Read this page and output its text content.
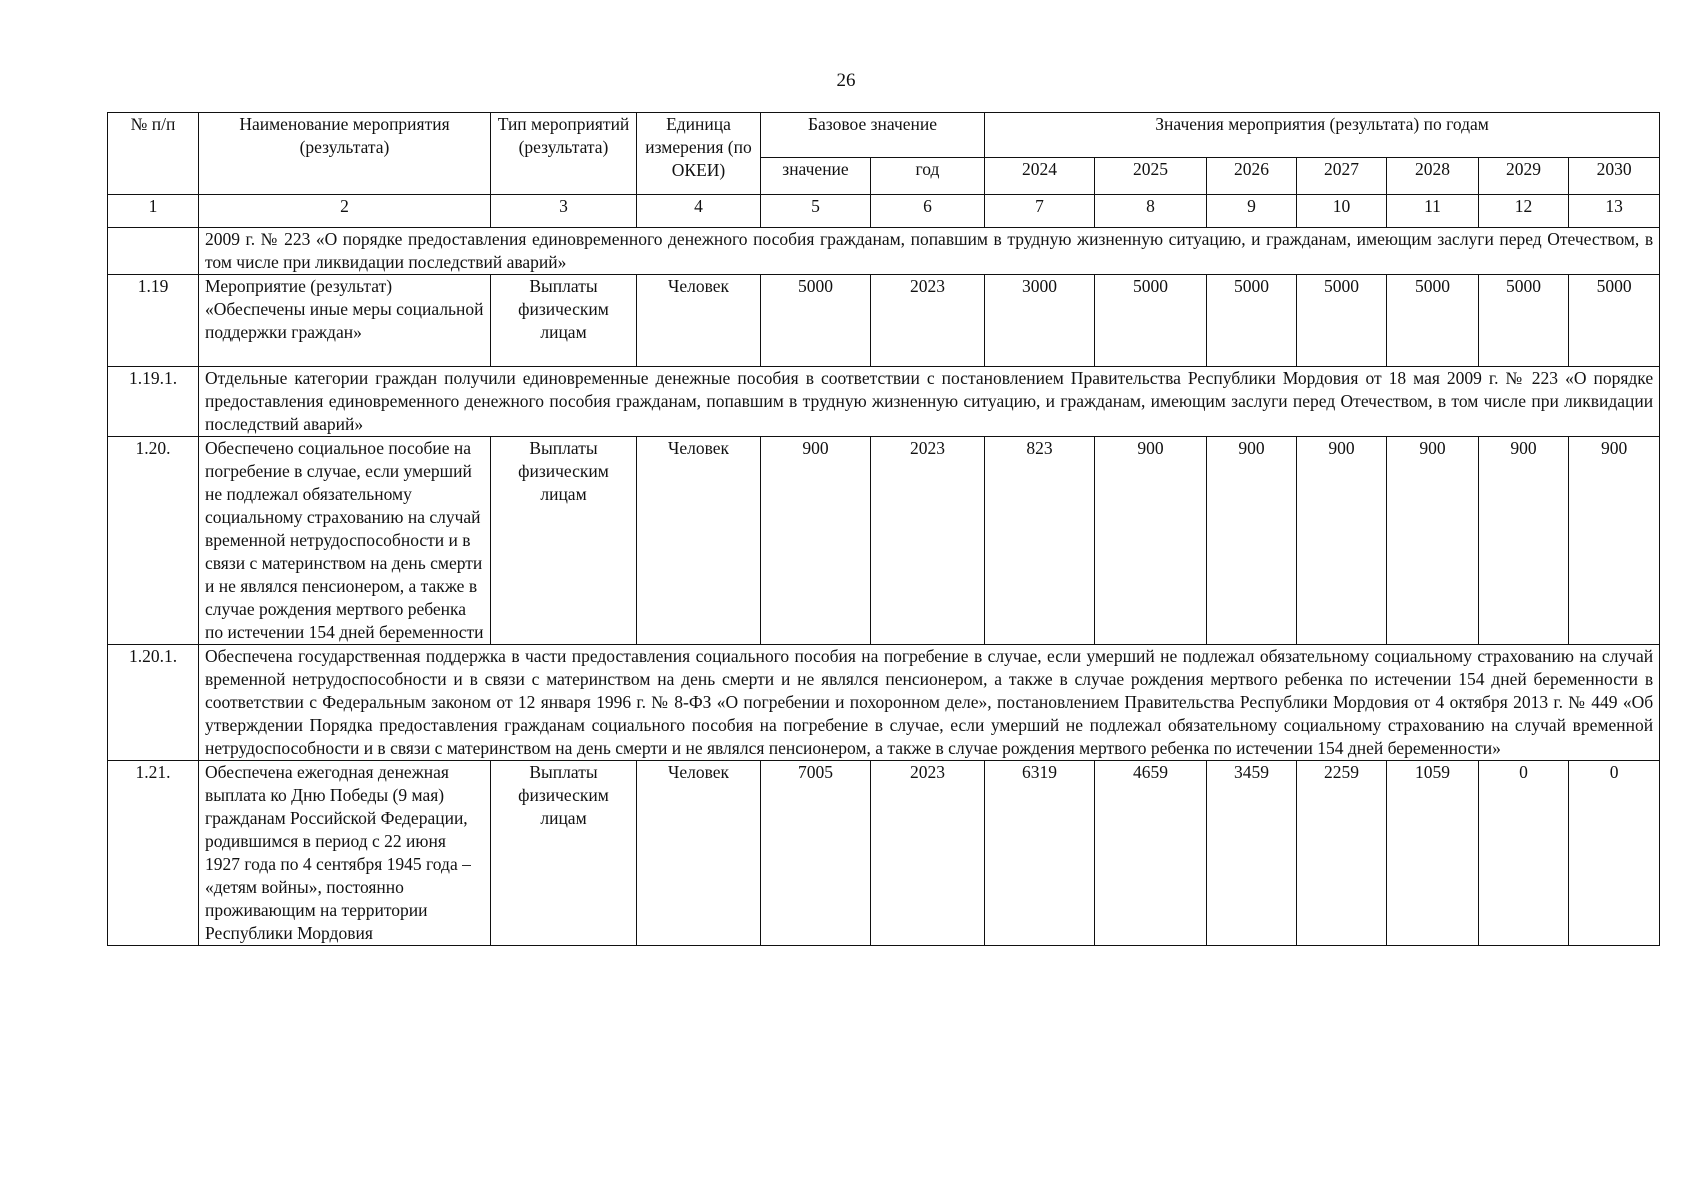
26
№ п/п	Наименование мероприятия (результата)	Тип мероприятий (результата)	Единица измерения (по ОКЕИ)	Базовое значение		Значения мероприятия (результата) по годам						
				значение	год	2024	2025	2026	2027	2028	2029	2030
1	2	3	4	5	6	7	8	9	10	11	12	13
	2009 г. № 223 «О порядке предоставления единовременного денежного пособия гражданам, попавшим в трудную жизненную ситуацию, и гражданам, имеющим заслуги перед Отечеством, в том числе при ликвидации последствий аварий»											
1.19	Мероприятие (результат) «Обеспечены иные меры социальной поддержки граждан»	Выплаты физическим лицам	Человек	5000	2023	3000	5000	5000	5000	5000	5000	5000
1.19.1.	Отдельные категории граждан получили единовременные денежные пособия в соответствии с постановлением Правительства Республики Мордовия от 18 мая 2009 г. № 223 «О порядке предоставления единовременного денежного пособия гражданам, попавшим в трудную жизненную ситуацию, и гражданам, имеющим заслуги перед Отечеством, в том числе при ликвидации последствий аварий»											
1.20.	Обеспечено социальное пособие на погребение в случае, если умерший не подлежал обязательному социальному страхованию на случай временной нетрудоспособности и в связи с материнством на день смерти и не являлся пенсионером, а также в случае рождения мертвого ребенка по истечении 154 дней беременности	Выплаты физическим лицам	Человек	900	2023	823	900	900	900	900	900	900
1.20.1.	Обеспечена государственная поддержка в части предоставления социального пособия на погребение в случае, если умерший не подлежал обязательному социальному страхованию на случай временной нетрудоспособности и в связи с материнством на день смерти и не являлся пенсионером, а также в случае рождения мертвого ребенка по истечении 154 дней беременности в соответствии с Федеральным законом от 12 января 1996 г. № 8-ФЗ «О погребении и похоронном деле», постановлением Правительства Республики Мордовия от 4 октября 2013 г. № 449 «Об утверждении Порядка предоставления гражданам социального пособия на погребение в случае, если умерший не подлежал обязательному социальному страхованию на случай временной нетрудоспособности и в связи с материнством на день смерти и не являлся пенсионером, а также в случае рождения мертвого ребенка по истечении 154 дней беременности»											
1.21.	Обеспечена ежегодная денежная выплата ко Дню Победы (9 мая) гражданам Российской Федерации, родившимся в период с 22 июня 1927 года по 4 сентября 1945 года – «детям войны», постоянно проживающим на территории Республики Мордовия	Выплаты физическим лицам	Человек	7005	2023	6319	4659	3459	2259	1059	0	0
